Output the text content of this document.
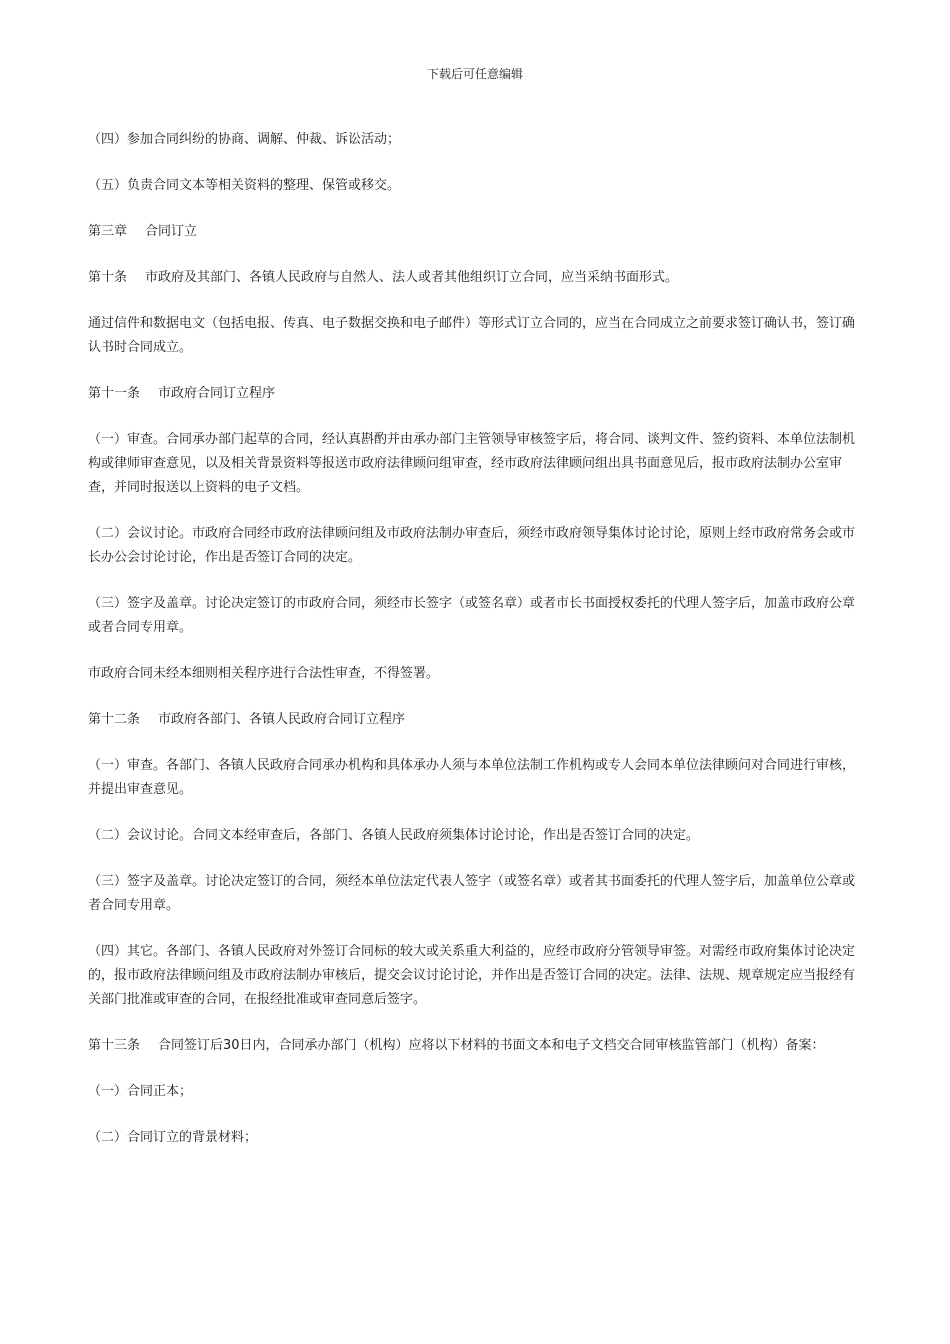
下载后可任意编辑

（四）参加合同纠纷的协商、调解、仲裁、诉讼活动；

（五）负责合同文本等相关资料的整理、保管或移交。

第三章 合同订立

第十条 市政府及其部门、各镇人民政府与自然人、法人或者其他组织订立合同，应当采纳书面形式。

通过信件和数据电文（包括电报、传真、电子数据交换和电子邮件）等形式订立合同的，应当在合同成立之前要求签订确认书，签订确认书时合同成立。

第十一条 市政府合同订立程序

（一）审查。合同承办部门起草的合同，经认真斟酌并由承办部门主管领导审核签字后，将合同、谈判文件、签约资料、本单位法制机构或律师审查意见，以及相关背景资料等报送市政府法律顾问组审查，经市政府法律顾问组出具书面意见后，报市政府法制办公室审查，并同时报送以上资料的电子文档。

（二）会议讨论。市政府合同经市政府法律顾问组及市政府法制办审查后，须经市政府领导集体讨论讨论，原则上经市政府常务会或市长办公会讨论讨论，作出是否签订合同的决定。

（三）签字及盖章。讨论决定签订的市政府合同，须经市长签字（或签名章）或者市长书面授权委托的代理人签字后，加盖市政府公章或者合同专用章。

市政府合同未经本细则相关程序进行合法性审查，不得签署。

第十二条 市政府各部门、各镇人民政府合同订立程序

（一）审查。各部门、各镇人民政府合同承办机构和具体承办人须与本单位法制工作机构或专人会同本单位法律顾问对合同进行审核，并提出审查意见。

（二）会议讨论。合同文本经审查后，各部门、各镇人民政府须集体讨论讨论，作出是否签订合同的决定。

（三）签字及盖章。讨论决定签订的合同，须经本单位法定代表人签字（或签名章）或者其书面委托的代理人签字后，加盖单位公章或者合同专用章。

（四）其它。各部门、各镇人民政府对外签订合同标的较大或关系重大利益的，应经市政府分管领导审签。对需经市政府集体讨论决定的，报市政府法律顾问组及市政府法制办审核后，提交会议讨论讨论，并作出是否签订合同的决定。法律、法规、规章规定应当报经有关部门批准或审查的合同，在报经批准或审查同意后签字。

第十三条 合同签订后30日内，合同承办部门（机构）应将以下材料的书面文本和电子文档交合同审核监管部门（机构）备案：

（一）合同正本；

（二）合同订立的背景材料；
